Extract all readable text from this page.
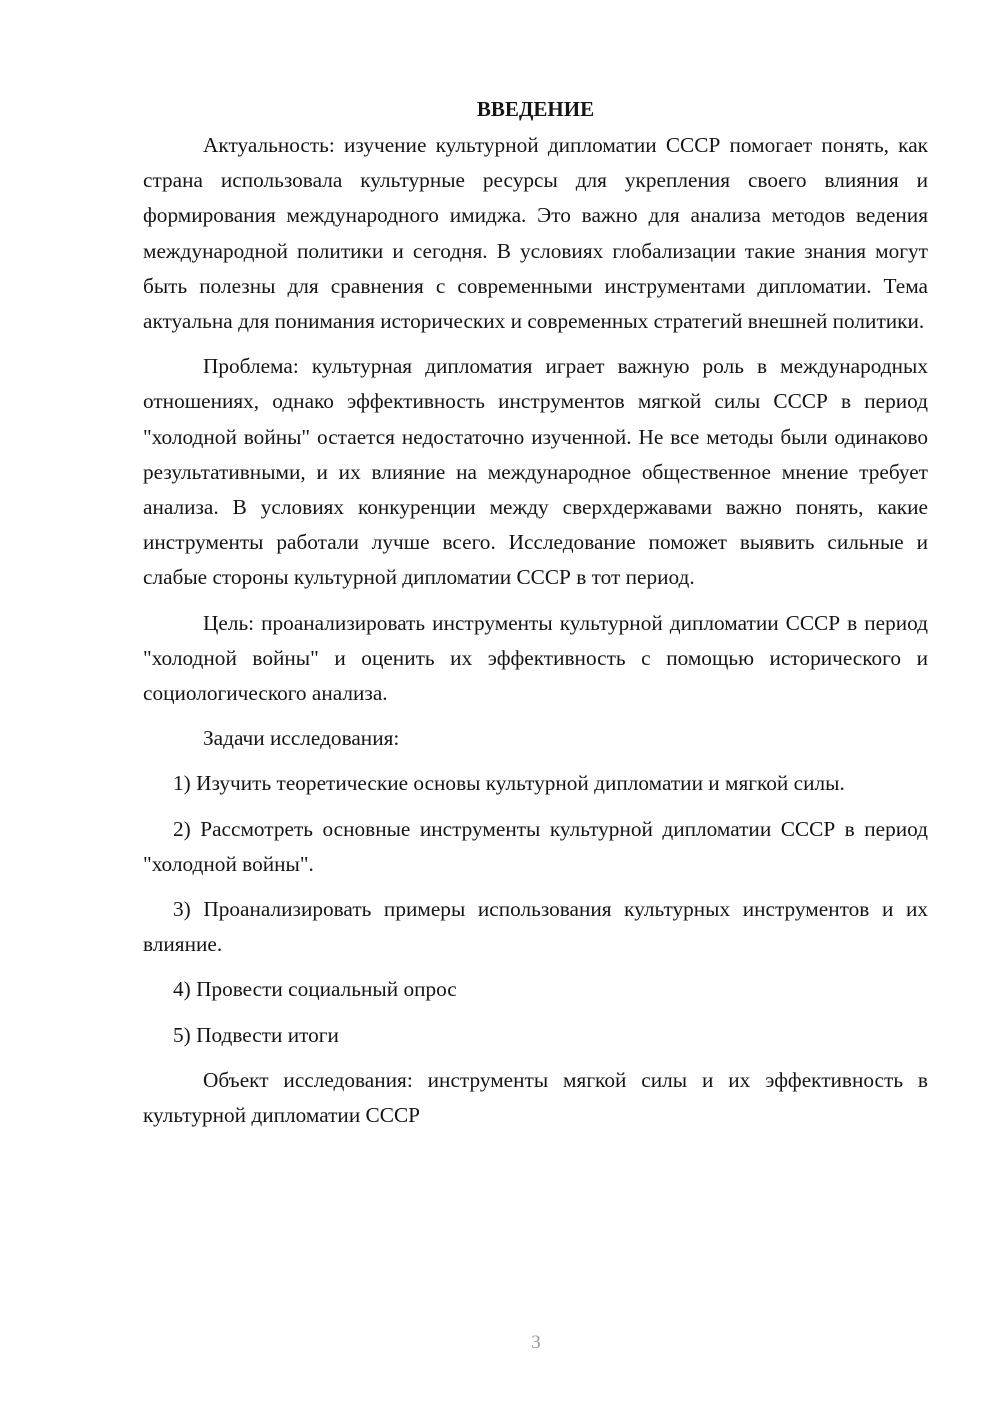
ВВЕДЕНИЕ

Актуальность: изучение культурной дипломатии СССР помогает понять, как страна использовала культурные ресурсы для укрепления своего влияния и формирования международного имиджа. Это важно для анализа методов ведения международной политики и сегодня. В условиях глобализации такие знания могут быть полезны для сравнения с современными инструментами дипломатии. Тема актуальна для понимания исторических и современных стратегий внешней политики.

Проблема: культурная дипломатия играет важную роль в международных отношениях, однако эффективность инструментов мягкой силы СССР в период "холодной войны" остается недостаточно изученной. Не все методы были одинаково результативными, и их влияние на международное общественное мнение требует анализа. В условиях конкуренции между сверхдержавами важно понять, какие инструменты работали лучше всего. Исследование поможет выявить сильные и слабые стороны культурной дипломатии СССР в тот период.

Цель: проанализировать инструменты культурной дипломатии СССР в период "холодной войны" и оценить их эффективность с помощью исторического и социологического анализа.

Задачи исследования:

1) Изучить теоретические основы культурной дипломатии и мягкой силы.

2) Рассмотреть основные инструменты культурной дипломатии СССР в период "холодной войны".

3) Проанализировать примеры использования культурных инструментов и их влияние.

4) Провести социальный опрос

5) Подвести итоги

Объект исследования: инструменты мягкой силы и их эффективность в культурной дипломатии СССР

3
